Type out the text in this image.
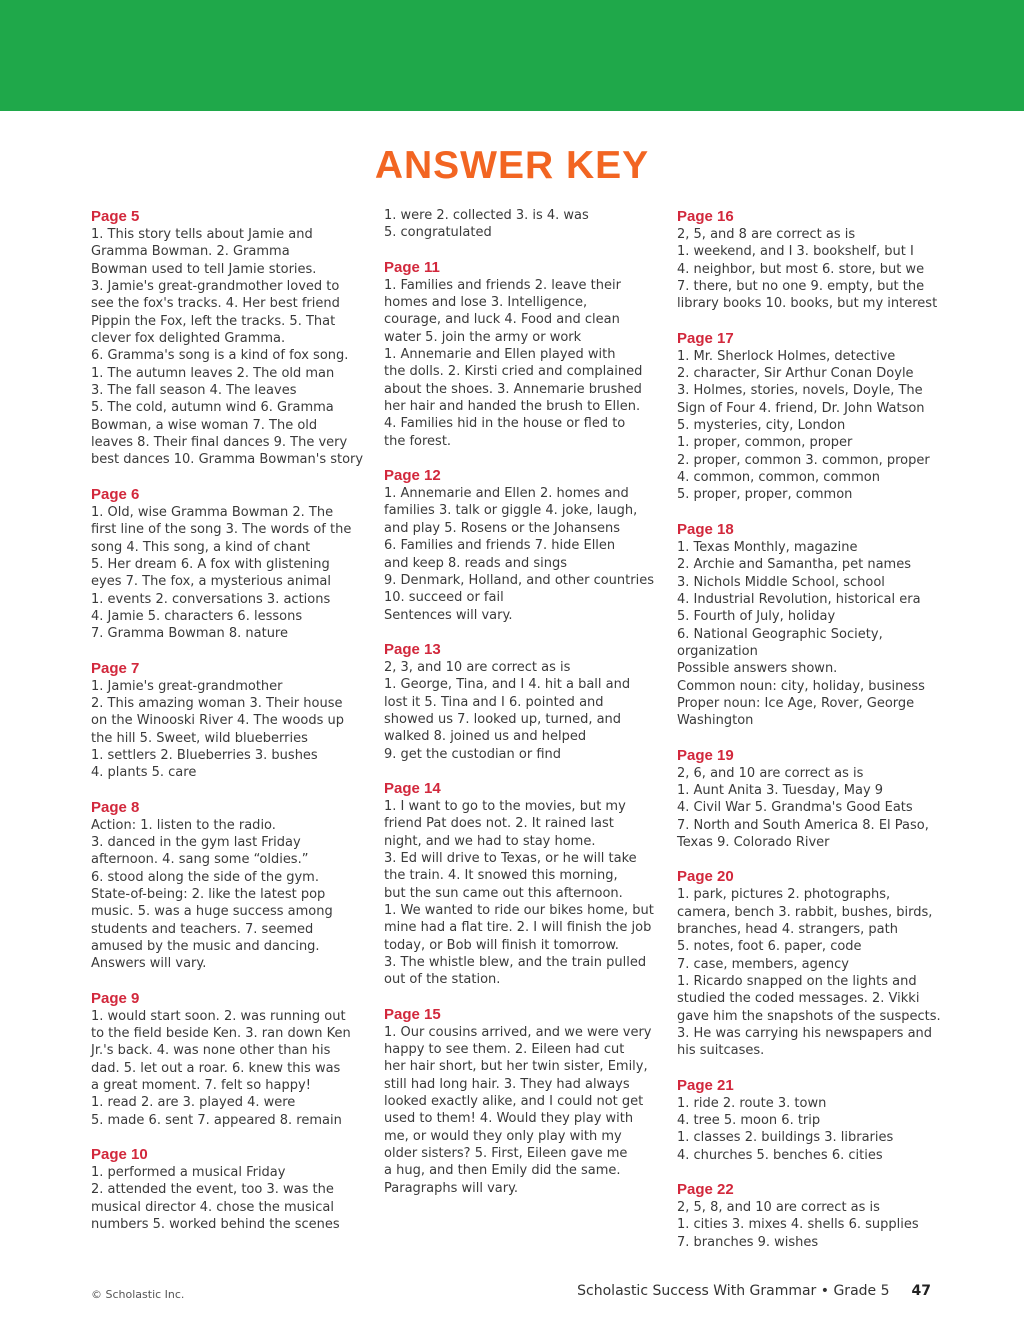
ANSWER KEY
Page 5
1. This story tells about Jamie and
Gramma Bowman. 2. Gramma
Bowman used to tell Jamie stories.
3. Jamie's great-grandmother loved to
see the fox's tracks. 4. Her best friend
Pippin the Fox, left the tracks. 5. That
clever fox delighted Gramma.
6. Gramma's song is a kind of fox song.
1. The autumn leaves 2. The old man
3. The fall season 4. The leaves
5. The cold, autumn wind 6. Gramma
Bowman, a wise woman 7. The old
leaves 8. Their final dances 9. The very
best dances 10. Gramma Bowman's story
Page 6
1. Old, wise Gramma Bowman 2. The
first line of the song 3. The words of the
song 4. This song, a kind of chant
5. Her dream 6. A fox with glistening
eyes 7. The fox, a mysterious animal
1. events 2. conversations 3. actions
4. Jamie 5. characters 6. lessons
7. Gramma Bowman 8. nature
Page 7
1. Jamie's great-grandmother
2. This amazing woman 3. Their house
on the Winooski River 4. The woods up
the hill 5. Sweet, wild blueberries
1. settlers 2. Blueberries 3. bushes
4. plants 5. care
Page 8
Action: 1. listen to the radio.
3. danced in the gym last Friday
afternoon. 4. sang some “oldies.”
6. stood along the side of the gym.
State-of-being: 2. like the latest pop
music. 5. was a huge success among
students and teachers. 7. seemed
amused by the music and dancing.
Answers will vary.
Page 9
1. would start soon. 2. was running out
to the field beside Ken. 3. ran down Ken
Jr.'s back. 4. was none other than his
dad. 5. let out a roar. 6. knew this was
a great moment. 7. felt so happy!
1. read 2. are 3. played 4. were
5. made 6. sent 7. appeared 8. remain
Page 10
1. performed a musical Friday
2. attended the event, too 3. was the
musical director 4. chose the musical
numbers 5. worked behind the scenes
1. were 2. collected 3. is 4. was
5. congratulated
Page 11
1. Families and friends 2. leave their
homes and lose 3. Intelligence,
courage, and luck 4. Food and clean
water 5. join the army or work
1. Annemarie and Ellen played with
the dolls. 2. Kirsti cried and complained
about the shoes. 3. Annemarie brushed
her hair and handed the brush to Ellen.
4. Families hid in the house or fled to
the forest.
Page 12
1. Annemarie and Ellen 2. homes and
families 3. talk or giggle 4. joke, laugh,
and play 5. Rosens or the Johansens
6. Families and friends 7. hide Ellen
and keep 8. reads and sings
9. Denmark, Holland, and other countries
10. succeed or fail
Sentences will vary.
Page 13
2, 3, and 10 are correct as is
1. George, Tina, and I 4. hit a ball and
lost it 5. Tina and I 6. pointed and
showed us 7. looked up, turned, and
walked 8. joined us and helped
9. get the custodian or find
Page 14
1. I want to go to the movies, but my
friend Pat does not. 2. It rained last
night, and we had to stay home.
3. Ed will drive to Texas, or he will take
the train. 4. It snowed this morning,
but the sun came out this afternoon.
1. We wanted to ride our bikes home, but
mine had a flat tire. 2. I will finish the job
today, or Bob will finish it tomorrow.
3. The whistle blew, and the train pulled
out of the station.
Page 15
1. Our cousins arrived, and we were very
happy to see them. 2. Eileen had cut
her hair short, but her twin sister, Emily,
still had long hair. 3. They had always
looked exactly alike, and I could not get
used to them! 4. Would they play with
me, or would they only play with my
older sisters? 5. First, Eileen gave me
a hug, and then Emily did the same.
Paragraphs will vary.
Page 16
2, 5, and 8 are correct as is
1. weekend, and I 3. bookshelf, but I
4. neighbor, but most 6. store, but we
7. there, but no one 9. empty, but the
library books 10. books, but my interest
Page 17
1. Mr. Sherlock Holmes, detective
2. character, Sir Arthur Conan Doyle
3. Holmes, stories, novels, Doyle, The
Sign of Four 4. friend, Dr. John Watson
5. mysteries, city, London
1. proper, common, proper
2. proper, common 3. common, proper
4. common, common, common
5. proper, proper, common
Page 18
1. Texas Monthly, magazine
2. Archie and Samantha, pet names
3. Nichols Middle School, school
4. Industrial Revolution, historical era
5. Fourth of July, holiday
6. National Geographic Society,
organization
Possible answers shown.
Common noun: city, holiday, business
Proper noun: Ice Age, Rover, George
Washington
Page 19
2, 6, and 10 are correct as is
1. Aunt Anita 3. Tuesday, May 9
4. Civil War 5. Grandma's Good Eats
7. North and South America 8. El Paso,
Texas 9. Colorado River
Page 20
1. park, pictures 2. photographs,
camera, bench 3. rabbit, bushes, birds,
branches, head 4. strangers, path
5. notes, foot 6. paper, code
7. case, members, agency
1. Ricardo snapped on the lights and
studied the coded messages. 2. Vikki
gave him the snapshots of the suspects.
3. He was carrying his newspapers and
his suitcases.
Page 21
1. ride 2. route 3. town
4. tree 5. moon 6. trip
1. classes 2. buildings 3. libraries
4. churches 5. benches 6. cities
Page 22
2, 5, 8, and 10 are correct as is
1. cities 3. mixes 4. shells 6. supplies
7. branches 9. wishes
© Scholastic Inc.	Scholastic Success With Grammar • Grade 5 47
